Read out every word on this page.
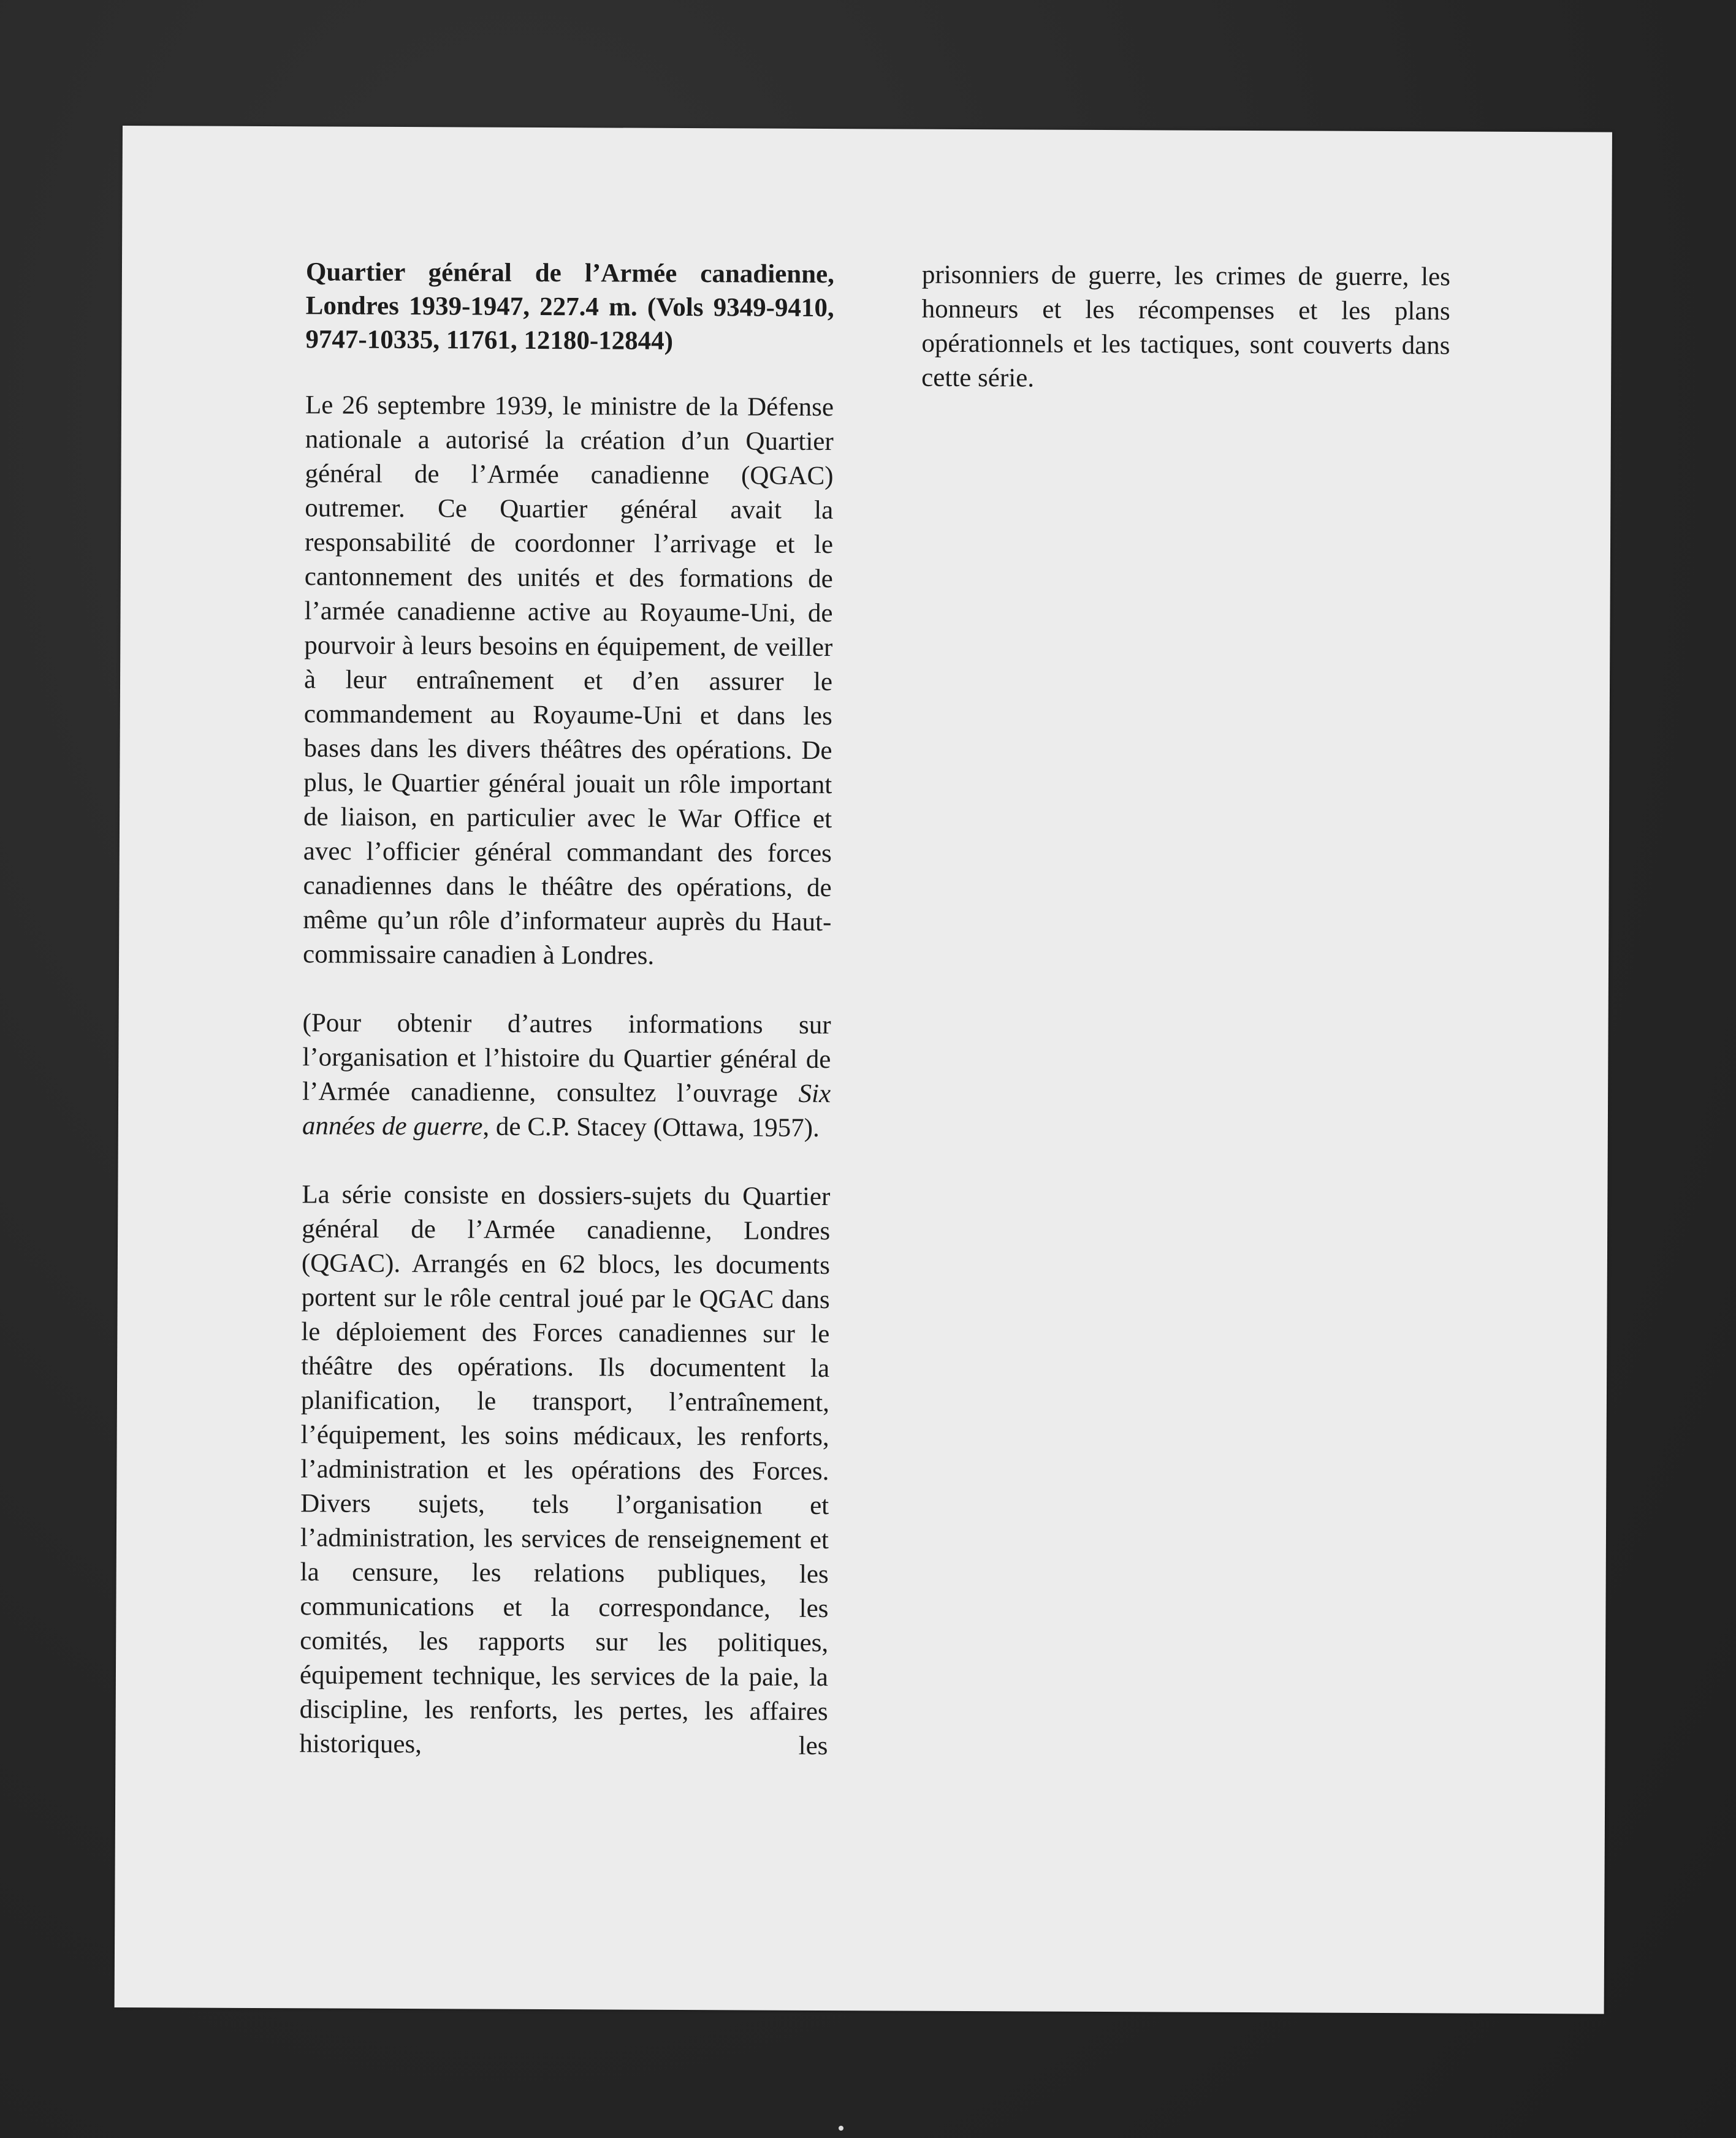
Quartier général de l’Armée canadienne, Londres 1939-1947, 227.4 m. (Vols 9349-9410, 9747-10335, 11761, 12180-12844)

Le 26 septembre 1939, le ministre de la Défense nationale a autorisé la création d’un Quartier général de l’Armée canadienne (QGAC) outremer. Ce Quartier général avait la responsabilité de coordonner l’arrivage et le cantonnement des unités et des formations de l’armée canadienne active au Royaume-Uni, de pourvoir à leurs besoins en équipement, de veiller à leur entraînement et d’en assurer le commandement au Royaume-Uni et dans les bases dans les divers théâtres des opérations. De plus, le Quartier général jouait un rôle important de liaison, en particulier avec le War Office et avec l’officier général commandant des forces canadiennes dans le théâtre des opérations, de même qu’un rôle d’informateur auprès du Haut-commissaire canadien à Londres.

(Pour obtenir d’autres informations sur l’organisation et l’histoire du Quartier général de l’Armée canadienne, consultez l’ouvrage Six années de guerre, de C.P. Stacey (Ottawa, 1957).

La série consiste en dossiers-sujets du Quartier général de l’Armée canadienne, Londres (QGAC). Arrangés en 62 blocs, les documents portent sur le rôle central joué par le QGAC dans le déploiement des Forces canadiennes sur le théâtre des opérations. Ils documentent la planification, le transport, l’entraînement, l’équipement, les soins médicaux, les renforts, l’administration et les opérations des Forces. Divers sujets, tels l’organisation et l’administration, les services de renseignement et la censure, les relations publiques, les communications et la correspondance, les comités, les rapports sur les politiques, équipement technique, les services de la paie, la discipline, les renforts, les pertes, les affaires historiques, les

prisonniers de guerre, les crimes de guerre, les honneurs et les récompenses et les plans opérationnels et les tactiques, sont couverts dans cette série.
